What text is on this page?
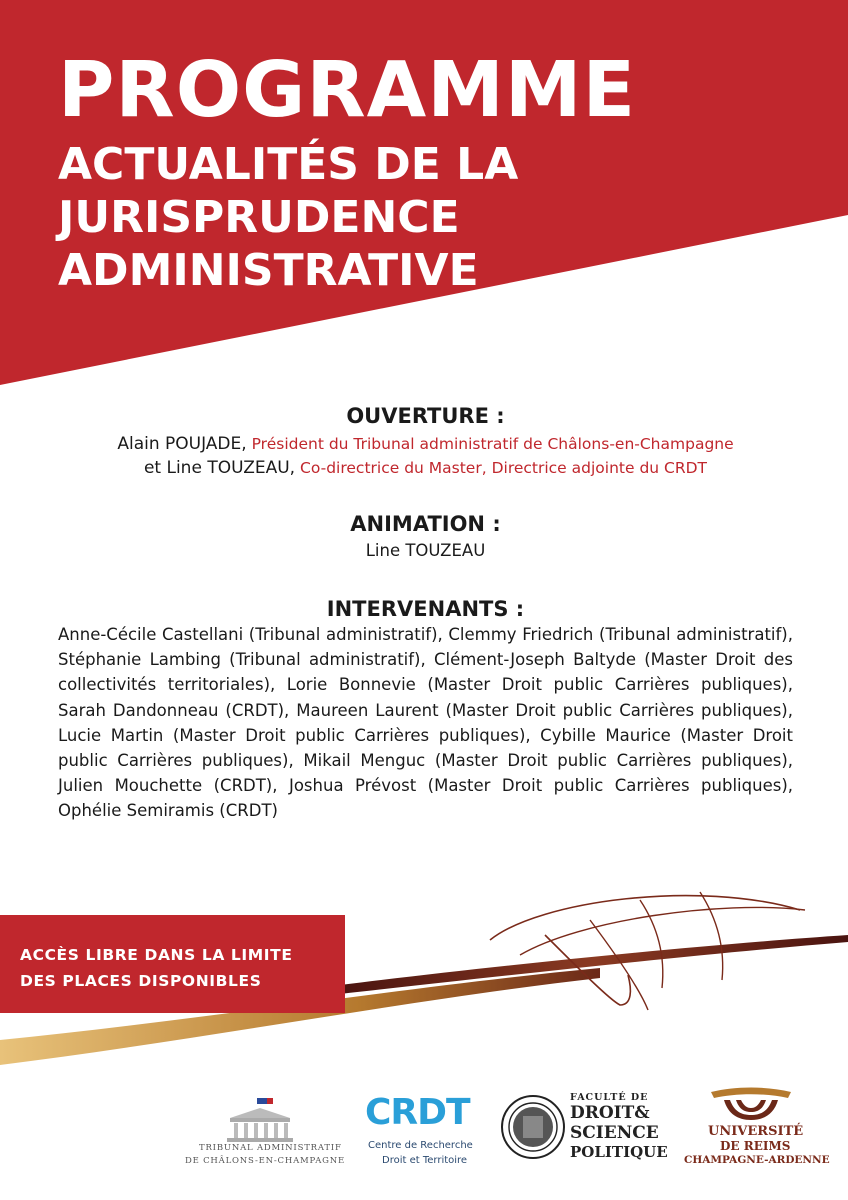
PROGRAMME
ACTUALITÉS DE LA
JURISPRUDENCE
ADMINISTRATIVE
OUVERTURE :
Alain POUJADE, Président du Tribunal administratif de Châlons-en-Champagne
et Line TOUZEAU, Co-directrice du Master, Directrice adjointe du CRDT
ANIMATION :
Line TOUZEAU
INTERVENANTS :
Anne-Cécile Castellani (Tribunal administratif), Clemmy Friedrich (Tribunal administratif), Stéphanie Lambing (Tribunal administratif), Clément-Joseph Baltyde (Master Droit des collectivités territoriales), Lorie Bonnevie (Master Droit public Carrières publiques), Sarah Dandonneau (CRDT), Maureen Laurent (Master Droit public Carrières publiques), Lucie Martin (Master Droit public Carrières publiques), Cybille Maurice (Master Droit public Carrières publiques), Mikail Menguc (Master Droit public Carrières publiques), Julien Mouchette (CRDT), Joshua Prévost (Master Droit public Carrières publiques), Ophélie Semiramis (CRDT)
ACCÈS LIBRE DANS LA LIMITE
DES PLACES DISPONIBLES
TRIBUNAL ADMINISTRATIF
DE CHÂLONS-EN-CHAMPAGNE
CRDT
Centre de Recherche
Droit et Territoire
FACULTÉ DE
DROIT&
SCIENCE
POLITIQUE
UNIVERSITÉ
DE REIMS
CHAMPAGNE-ARDENNE
